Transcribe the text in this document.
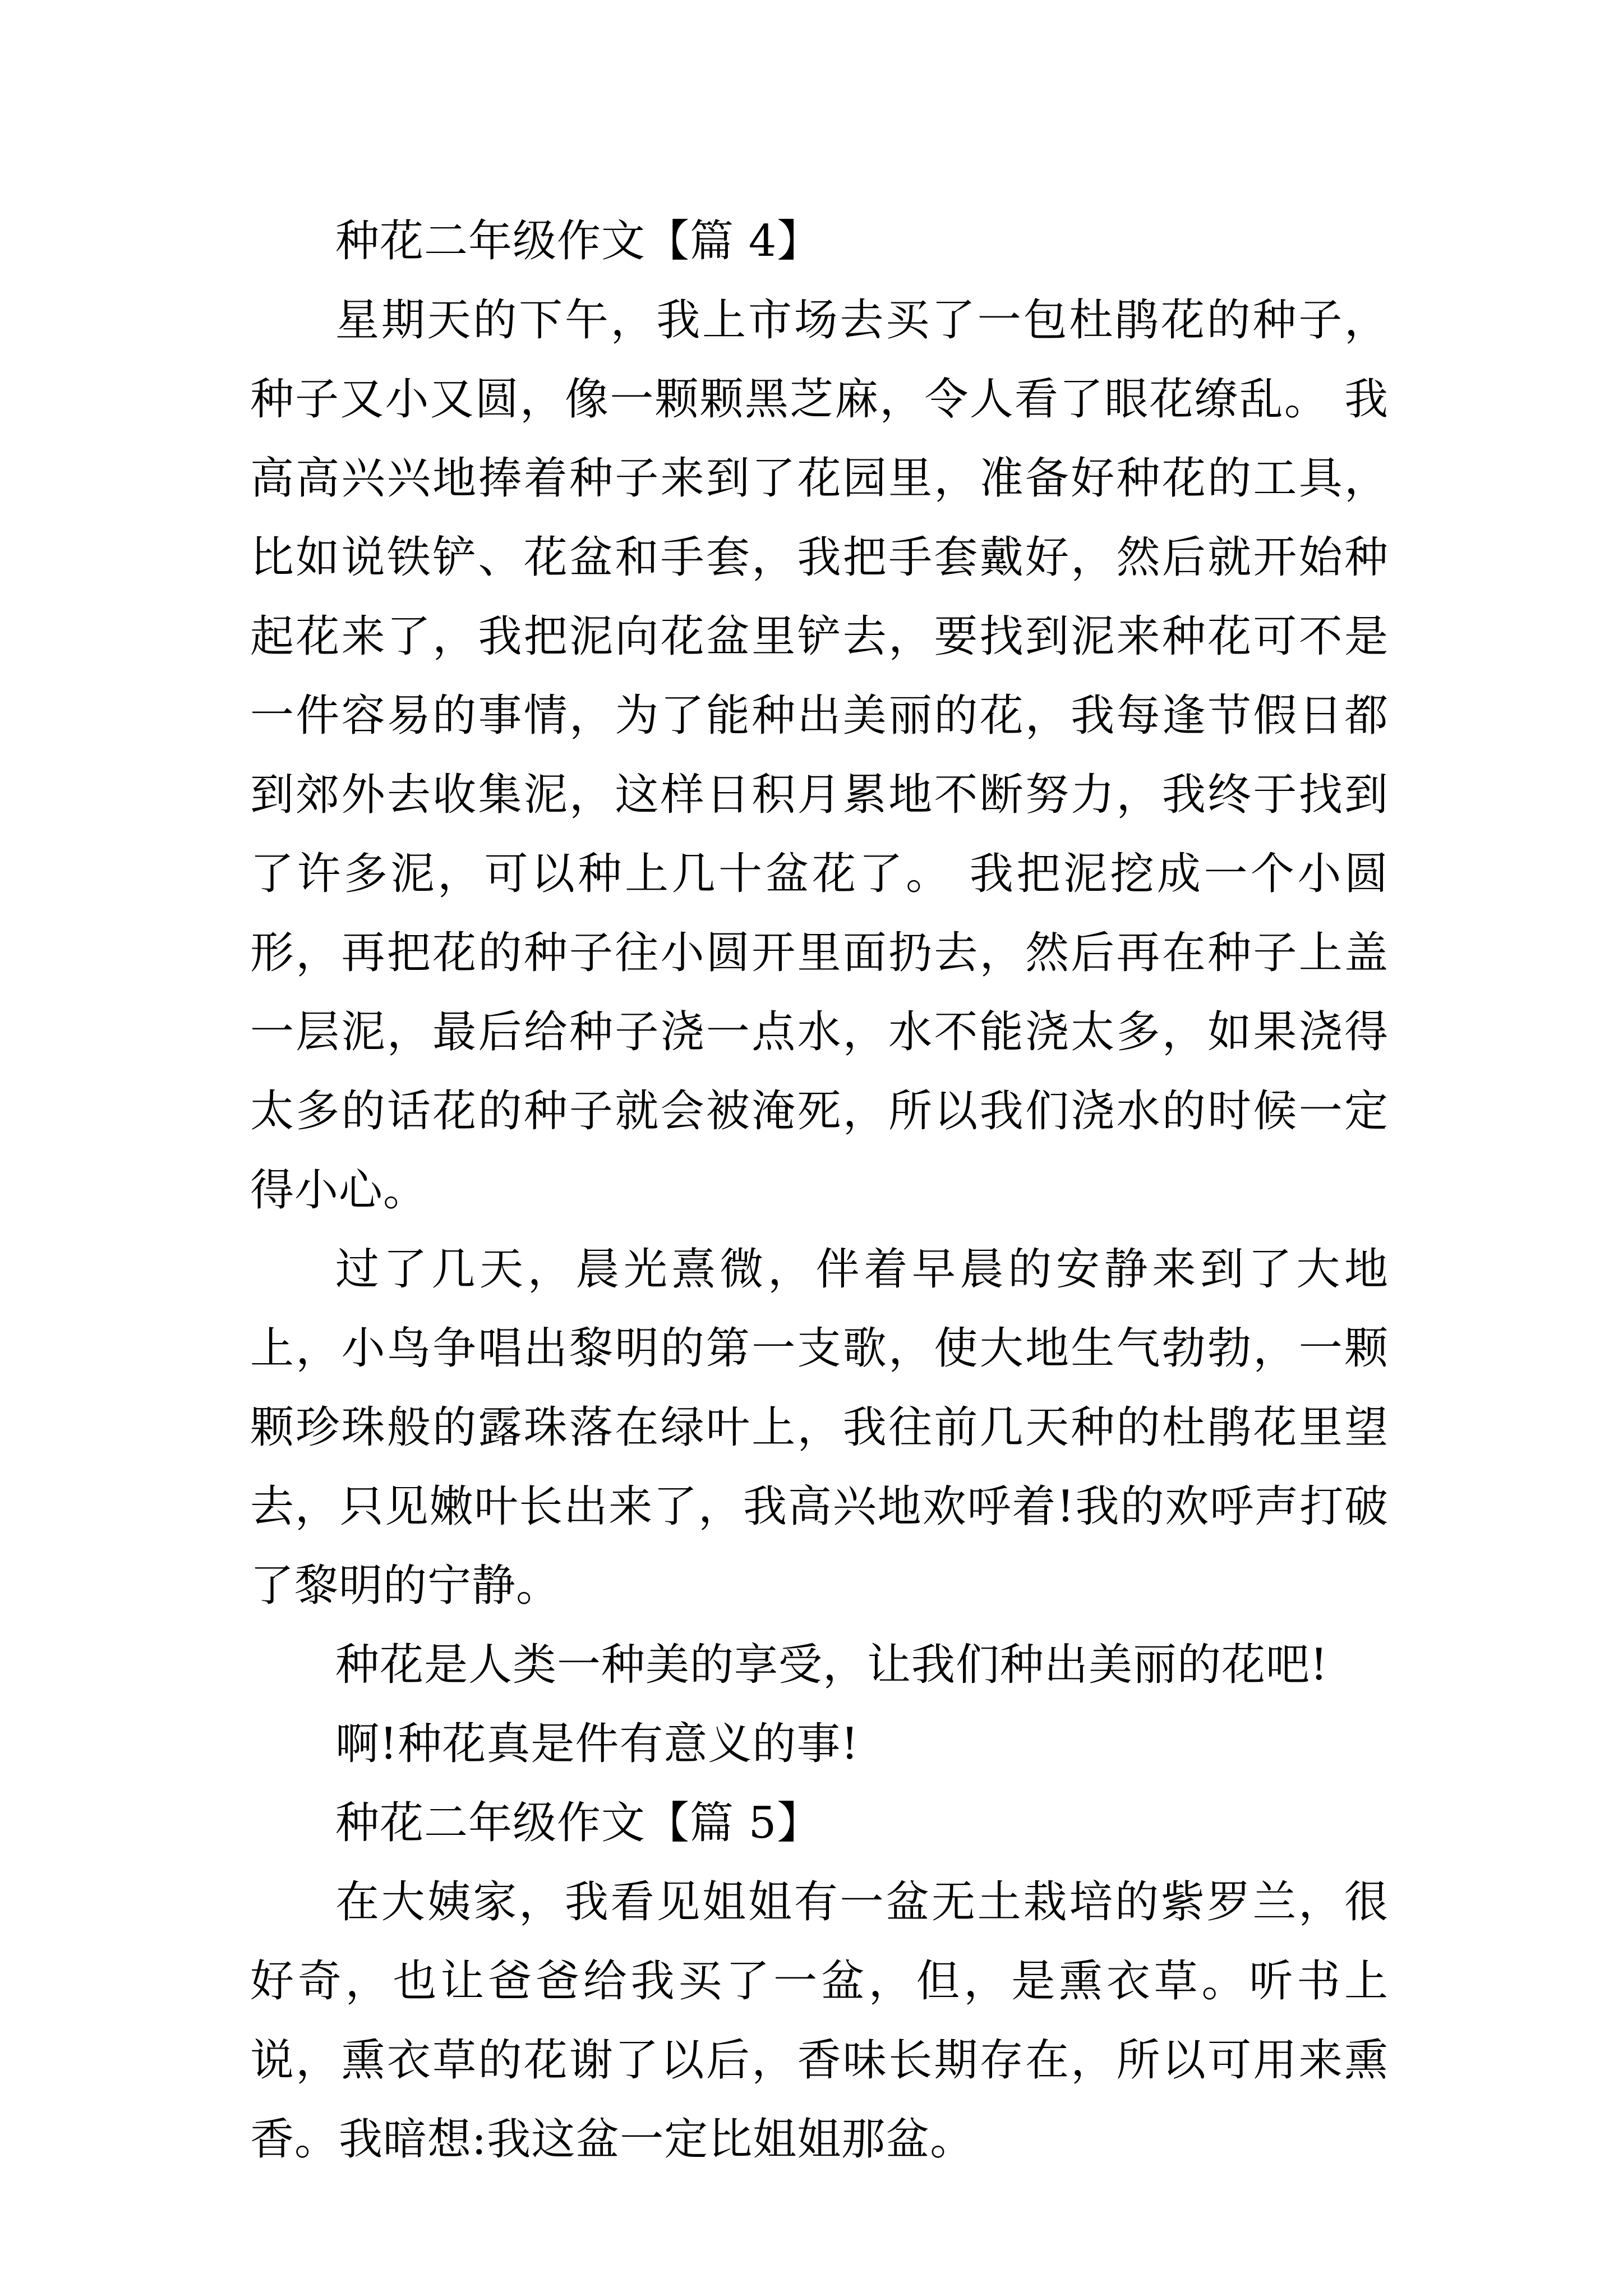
种花二年级作文【篇 4】

星期天的下午，我上市场去买了一包杜鹃花的种子，种子又小又圆，像一颗颗黑芝麻，令人看了眼花缭乱。 我高高兴兴地捧着种子来到了花园里，准备好种花的工具，比如说铁铲、花盆和手套，我把手套戴好，然后就开始种起花来了，我把泥向花盆里铲去，要找到泥来种花可不是一件容易的事情，为了能种出美丽的花，我每逢节假日都到郊外去收集泥，这样日积月累地不断努力，我终于找到了许多泥，可以种上几十盆花了。 我把泥挖成一个小圆形，再把花的种子往小圆开里面扔去，然后再在种子上盖一层泥，最后给种子浇一点水，水不能浇太多，如果浇得太多的话花的种子就会被淹死，所以我们浇水的时候一定得小心。

过了几天，晨光熹微，伴着早晨的安静来到了大地上，小鸟争唱出黎明的第一支歌，使大地生气勃勃，一颗颗珍珠般的露珠落在绿叶上，我往前几天种的杜鹃花里望去，只见嫩叶长出来了，我高兴地欢呼着!我的欢呼声打破了黎明的宁静。

种花是人类一种美的享受，让我们种出美丽的花吧!

啊!种花真是件有意义的事!

种花二年级作文【篇 5】

在大姨家，我看见姐姐有一盆无土栽培的紫罗兰，很好奇，也让爸爸给我买了一盆，但，是熏衣草。听书上说，熏衣草的花谢了以后，香味长期存在，所以可用来熏香。我暗想:我这盆一定比姐姐那盆。
